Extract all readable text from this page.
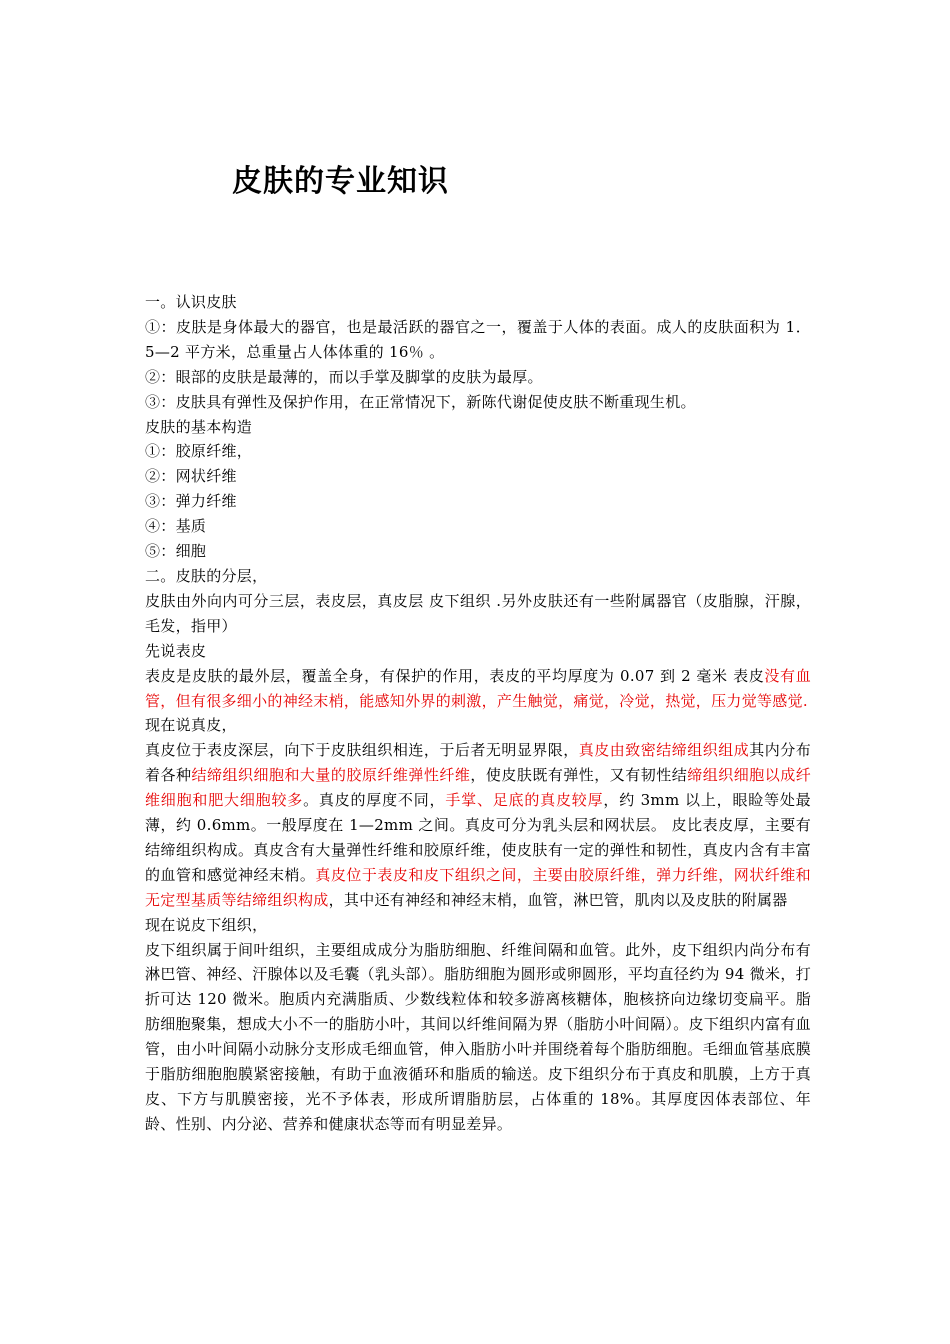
皮肤的专业知识

一。认识皮肤

①：皮肤是身体最大的器官，也是最活跃的器官之一，覆盖于人体的表面。成人的皮肤面积为 1．5—2 平方米，总重量占人体体重的 16％ 。

②：眼部的皮肤是最薄的，而以手掌及脚掌的皮肤为最厚。

③：皮肤具有弹性及保护作用，在正常情况下，新陈代谢促使皮肤不断重现生机。

皮肤的基本构造

①：胶原纤维，

②：网状纤维

③：弹力纤维

④：基质

⑤：细胞

二。皮肤的分层，

皮肤由外向内可分三层，表皮层，真皮层 皮下组织 .另外皮肤还有一些附属器官（皮脂腺，汗腺，毛发，指甲）

先说表皮

表皮是皮肤的最外层，覆盖全身，有保护的作用，表皮的平均厚度为 0.07 到 2 毫米 表皮没有血管，但有很多细小的神经末梢，能感知外界的刺激，产生触觉，痛觉，冷觉，热觉，压力觉等感觉.

现在说真皮，

真皮位于表皮深层，向下于皮肤组织相连，于后者无明显界限，真皮由致密结缔组织组成其内分布着各种结缔组织细胞和大量的胶原纤维弹性纤维，使皮肤既有弹性，又有韧性结缔组织细胞以成纤维细胞和肥大细胞较多。真皮的厚度不同，手掌、足底的真皮较厚，约 3mm 以上，眼睑等处最薄，约 0.6mm。一般厚度在 1—2mm 之间。真皮可分为乳头层和网状层。 皮比表皮厚，主要有结缔组织构成。真皮含有大量弹性纤维和胶原纤维，使皮肤有一定的弹性和韧性，真皮内含有丰富的血管和感觉神经末梢。真皮位于表皮和皮下组织之间，主要由胶原纤维，弹力纤维，网状纤维和无定型基质等结缔组织构成，其中还有神经和神经末梢，血管，淋巴管，肌肉以及皮肤的附属器

现在说皮下组织，

皮下组织属于间叶组织，主要组成成分为脂肪细胞、纤维间隔和血管。此外，皮下组织内尚分布有淋巴管、神经、汗腺体以及毛囊（乳头部）。脂肪细胞为圆形或卵圆形，平均直径约为 94 微米，打折可达 120 微米。胞质内充满脂质、少数线粒体和较多游离核糖体，胞核挤向边缘切变扁平。脂肪细胞聚集，想成大小不一的脂肪小叶，其间以纤维间隔为界（脂肪小叶间隔）。皮下组织内富有血管，由小叶间隔小动脉分支形成毛细血管，伸入脂肪小叶并围绕着每个脂肪细胞。毛细血管基底膜于脂肪细胞胞膜紧密接触，有助于血液循环和脂质的输送。皮下组织分布于真皮和肌膜，上方于真皮、下方与肌膜密接，光不予体表，形成所谓脂肪层，占体重的 18%。其厚度因体表部位、年龄、性别、内分泌、营养和健康状态等而有明显差异。
